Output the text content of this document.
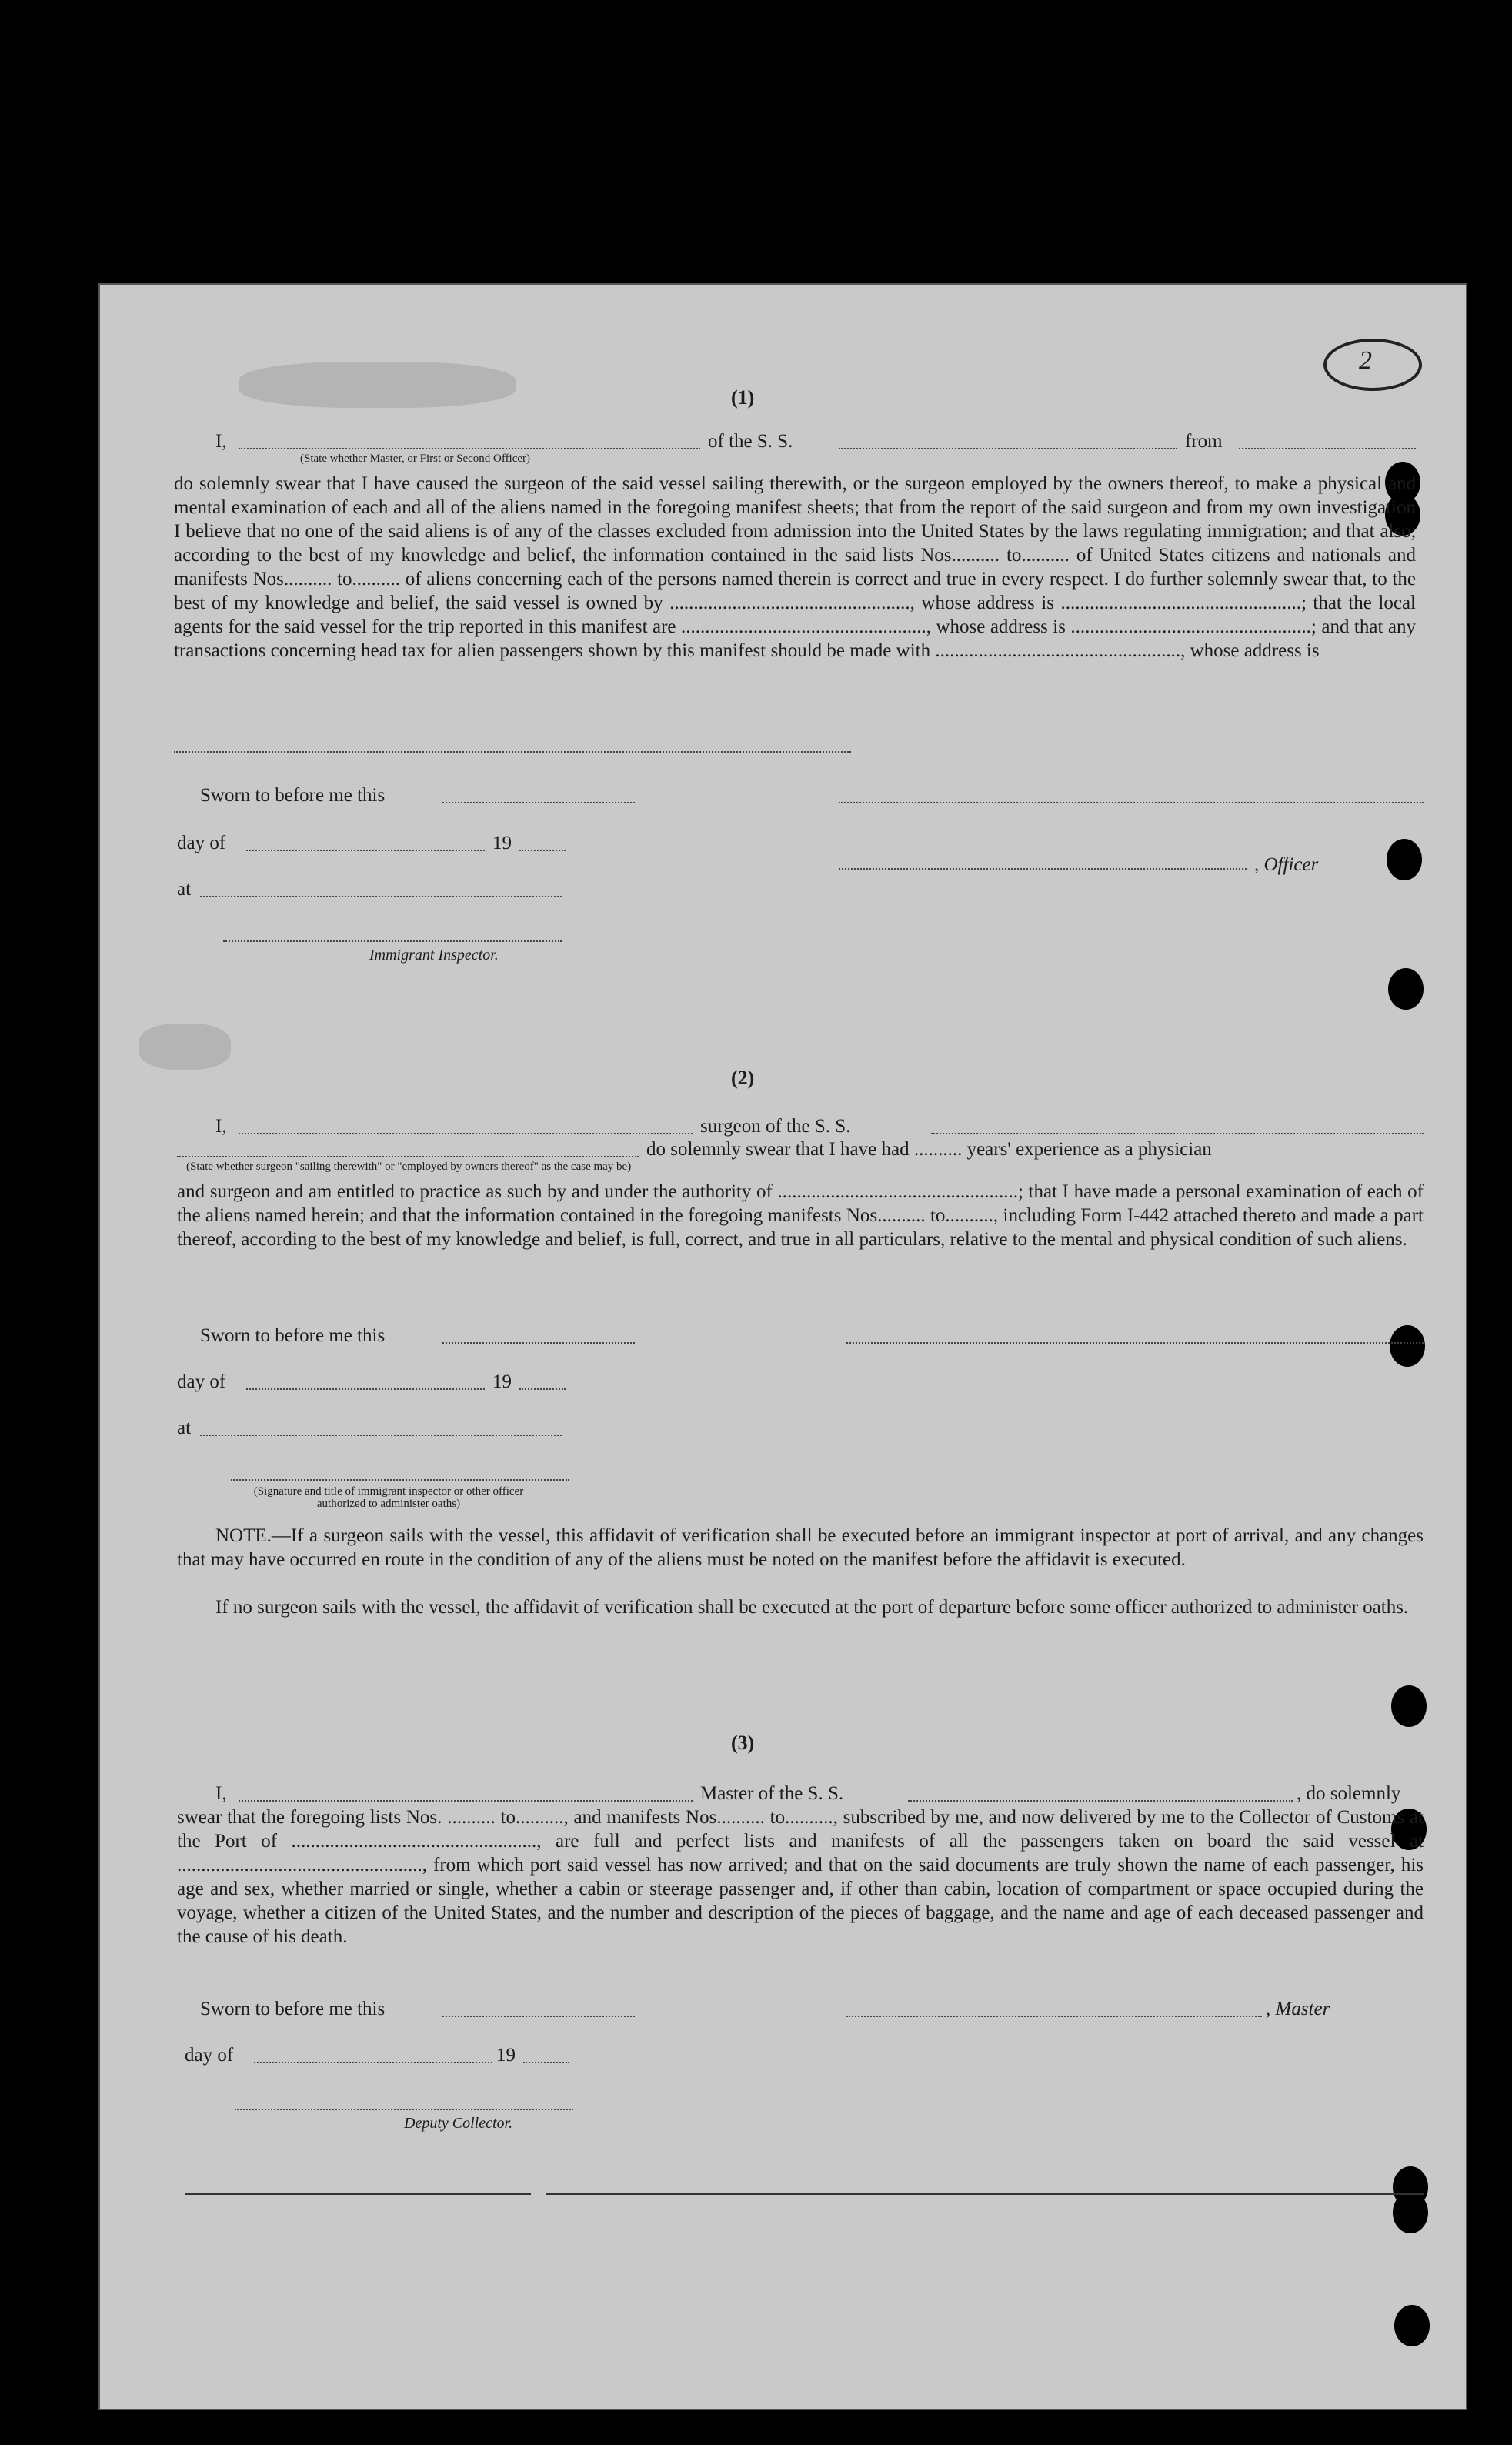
2
(1)
I,	of the S. S.	from
(State whether Master, or First or Second Officer)
do solemnly swear that I have caused the surgeon of the said vessel sailing therewith, or the surgeon employed by the owners thereof, to make a physical and mental examination of each and all of the aliens named in the foregoing manifest sheets; that from the report of the said surgeon and from my own investigation I believe that no one of the said aliens is of any of the classes excluded from admission into the United States by the laws regulating immigration; and that also, according to the best of my knowledge and belief, the information contained in the said lists Nos.......... to.......... of United States citizens and nationals and manifests Nos.......... to.......... of aliens concerning each of the persons named therein is correct and true in every respect. I do further solemnly swear that, to the best of my knowledge and belief, the said vessel is owned by .................................................., whose address is ..................................................; that the local agents for the said vessel for the trip reported in this manifest are ..................................................., whose address is ..................................................; and that any transactions concerning head tax for alien passengers shown by this manifest should be made with ..................................................., whose address is
Sworn to before me this
day of	19
, Officer
at
Immigrant Inspector.
(2)
I,	surgeon of the S. S.
do solemnly swear that I have had .......... years' experience as a physician
(State whether surgeon "sailing therewith" or "employed by owners thereof" as the case may be)
and surgeon and am entitled to practice as such by and under the authority of ..................................................; that I have made a personal examination of each of the aliens named herein; and that the information contained in the foregoing manifests Nos.......... to.........., including Form I-442 attached thereto and made a part thereof, according to the best of my knowledge and belief, is full, correct, and true in all particulars, relative to the mental and physical condition of such aliens.
Sworn to before me this
day of	19
at
(Signature and title of immigrant inspector or other officer authorized to administer oaths)
NOTE.—If a surgeon sails with the vessel, this affidavit of verification shall be executed before an immigrant inspector at port of arrival, and any changes that may have occurred en route in the condition of any of the aliens must be noted on the manifest before the affidavit is executed.
If no surgeon sails with the vessel, the affidavit of verification shall be executed at the port of departure before some officer authorized to administer oaths.
(3)
I,	Master of the S. S.	, do solemnly
swear that the foregoing lists Nos. .......... to.........., and manifests Nos.......... to.........., subscribed by me, and now delivered by me to the Collector of Customs at the Port of ..................................................., are full and perfect lists and manifests of all the passengers taken on board the said vessel at ..................................................., from which port said vessel has now arrived; and that on the said documents are truly shown the name of each passenger, his age and sex, whether married or single, whether a cabin or steerage passenger and, if other than cabin, location of compartment or space occupied during the voyage, whether a citizen of the United States, and the number and description of the pieces of baggage, and the name and age of each deceased passenger and the cause of his death.
Sworn to before me this	, Master
day of	19
Deputy Collector.
